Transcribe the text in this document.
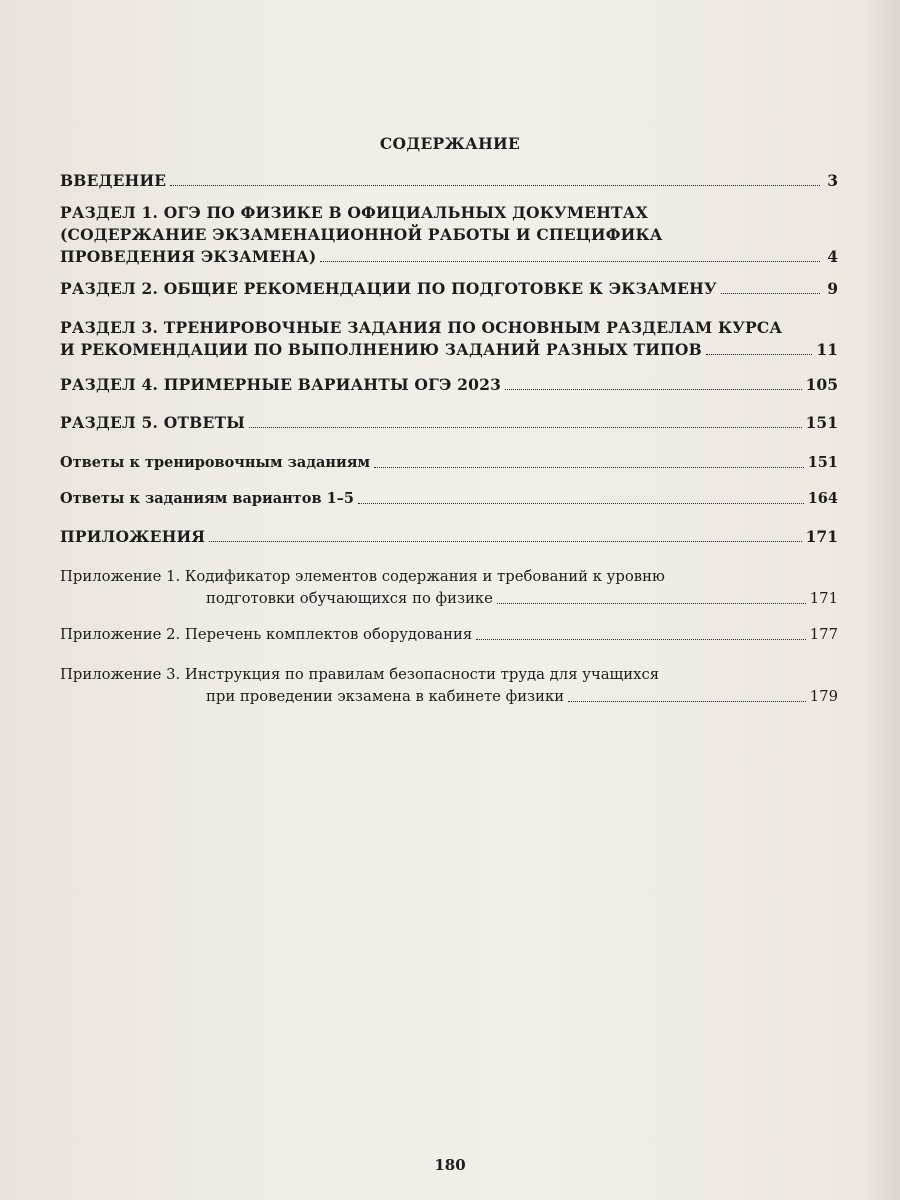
СОДЕРЖАНИЕ
ВВЕДЕНИЕ	3
РАЗДЕЛ 1. ОГЭ ПО ФИЗИКЕ В ОФИЦИАЛЬНЫХ ДОКУМЕНТАХ
(СОДЕРЖАНИЕ ЭКЗАМЕНАЦИОННОЙ РАБОТЫ И СПЕЦИФИКА
ПРОВЕДЕНИЯ ЭКЗАМЕНА)	4
РАЗДЕЛ 2. ОБЩИЕ РЕКОМЕНДАЦИИ ПО ПОДГОТОВКЕ К ЭКЗАМЕНУ	9
РАЗДЕЛ 3. ТРЕНИРОВОЧНЫЕ ЗАДАНИЯ ПО ОСНОВНЫМ РАЗДЕЛАМ КУРСА
И РЕКОМЕНДАЦИИ ПО ВЫПОЛНЕНИЮ ЗАДАНИЙ РАЗНЫХ ТИПОВ	11
РАЗДЕЛ 4. ПРИМЕРНЫЕ ВАРИАНТЫ ОГЭ 2023	105
РАЗДЕЛ 5. ОТВЕТЫ	151
Ответы к тренировочным заданиям	151
Ответы к заданиям вариантов 1–5	164
ПРИЛОЖЕНИЯ	171
Приложение 1. Кодификатор элементов содержания и требований к уровню
подготовки обучающихся по физике	171
Приложение 2. Перечень комплектов оборудования	177
Приложение 3. Инструкция по правилам безопасности труда для учащихся
при проведении экзамена в кабинете физики	179
180
